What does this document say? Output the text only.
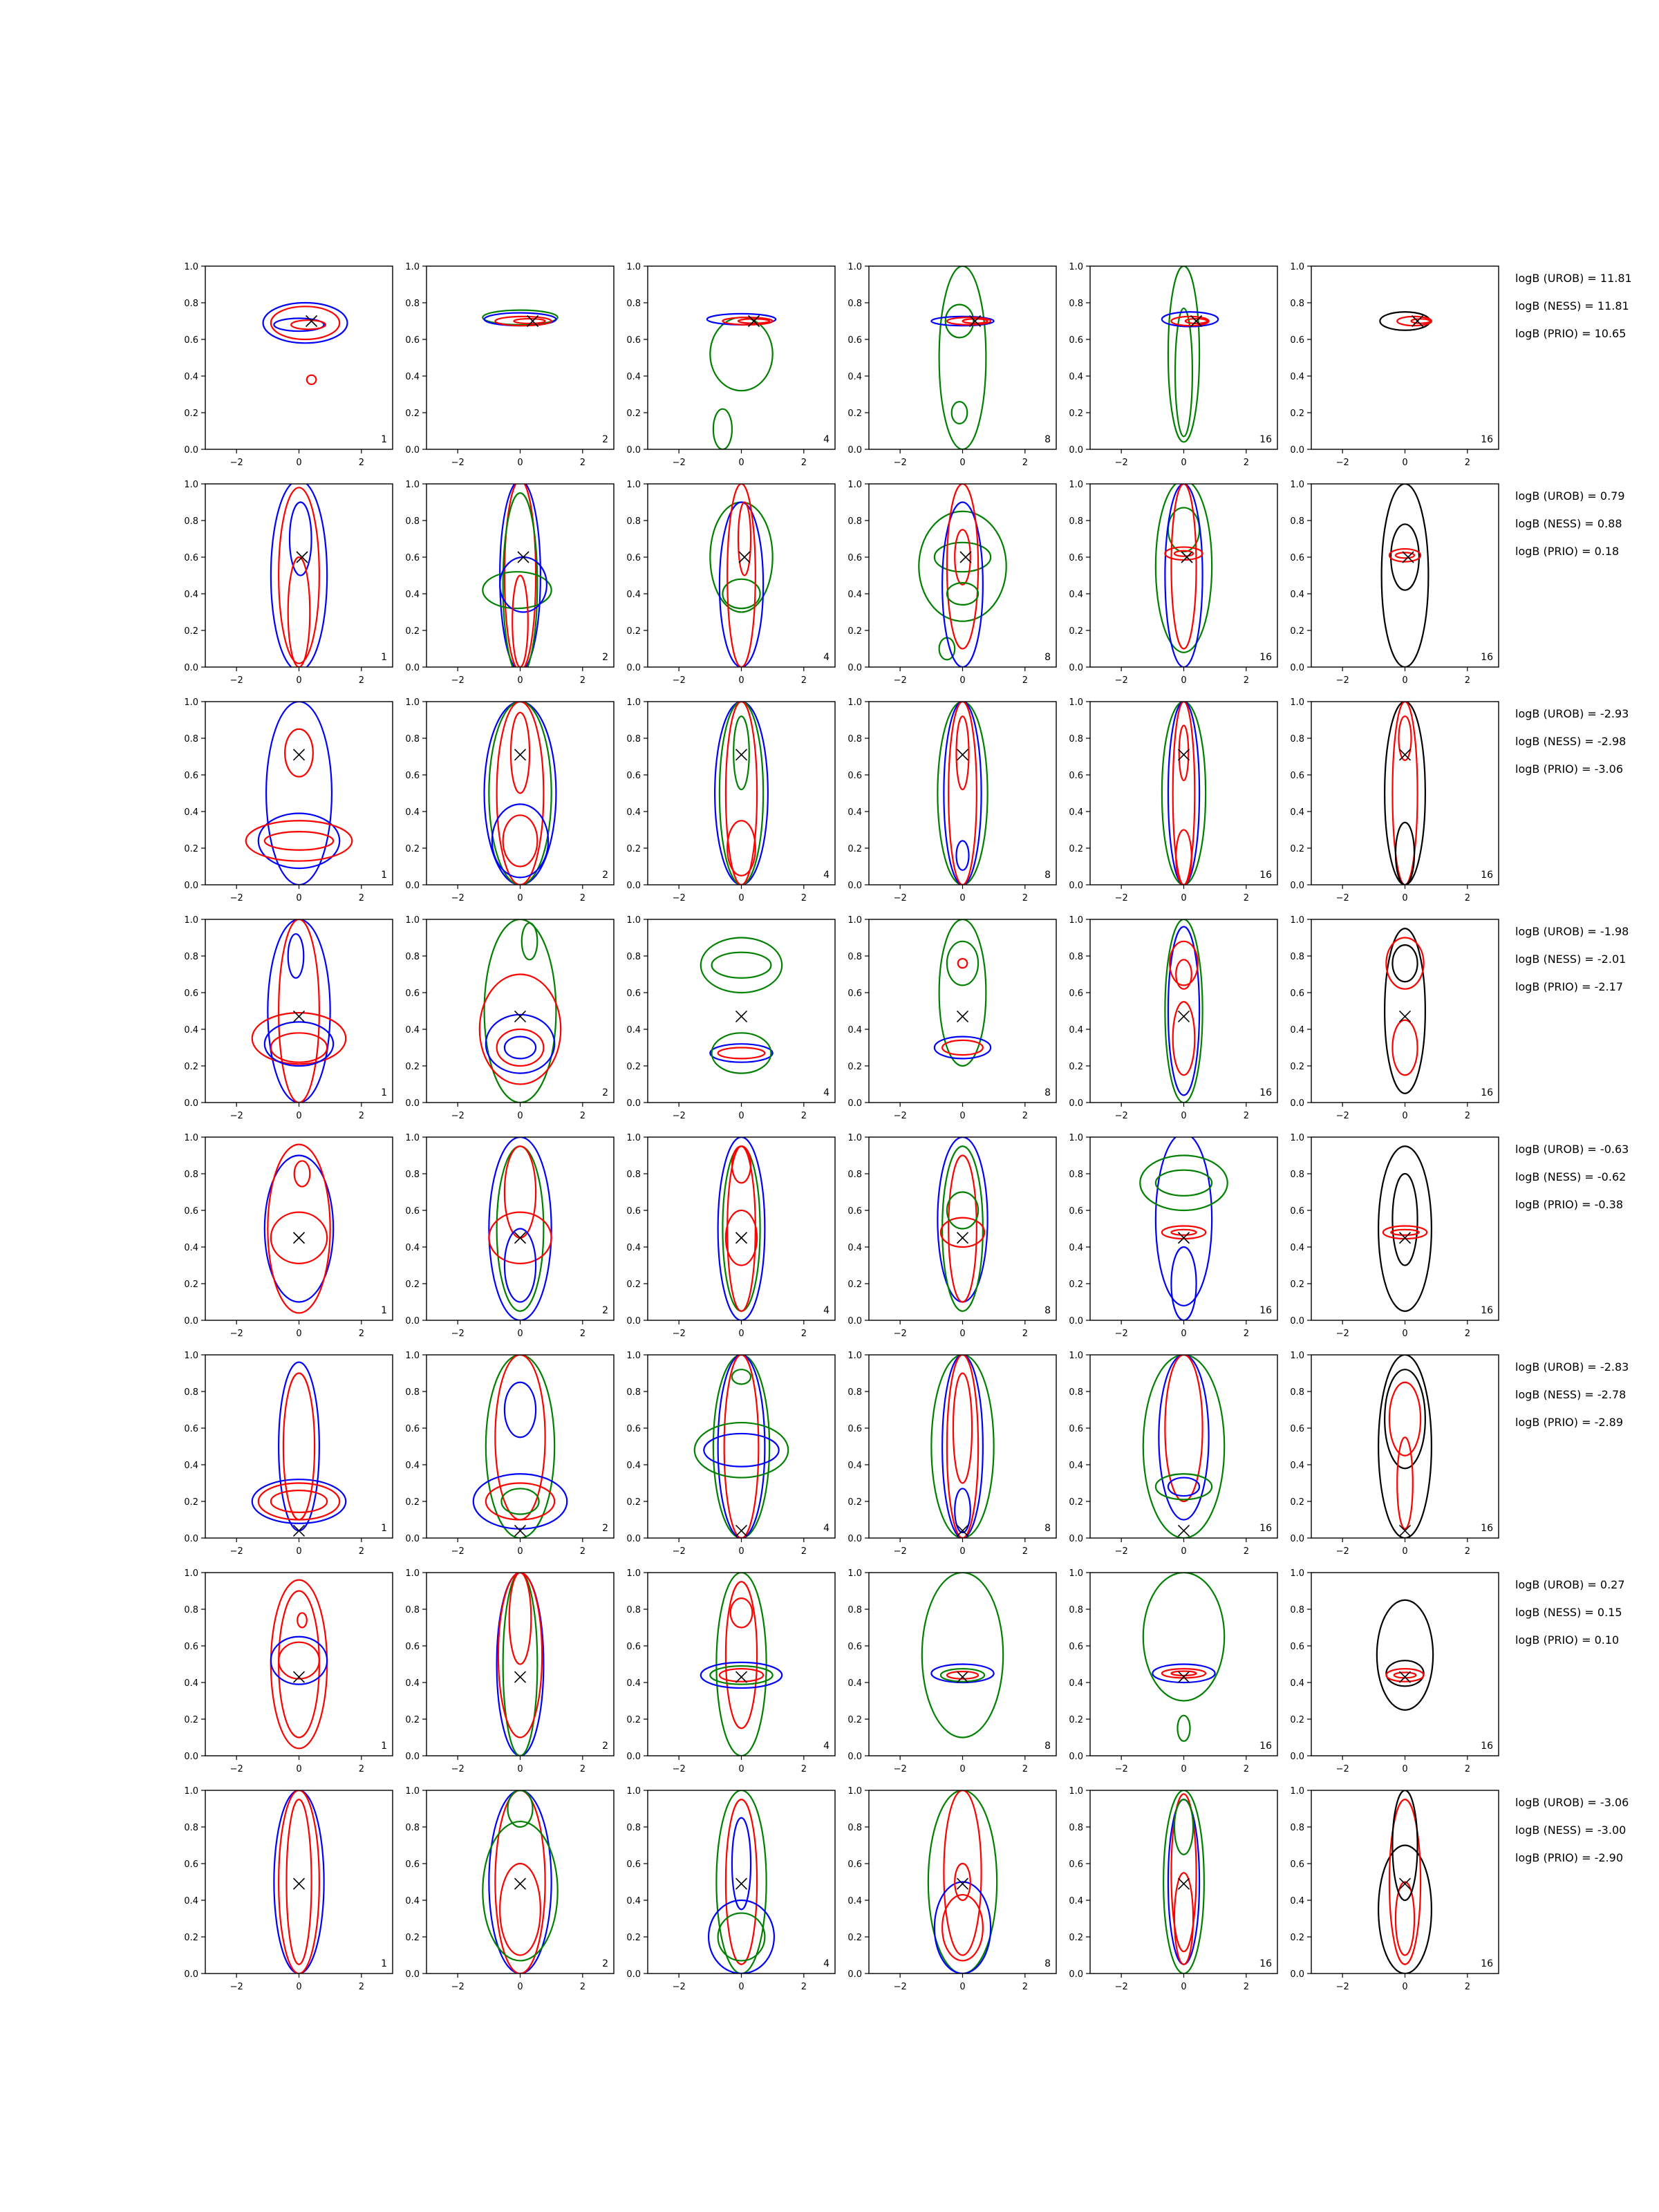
−2	0	2
0.0
0.2
0.4
0.6
0.8
1.0
1
−2	0	2
0.0
0.2
0.4
0.6
0.8
1.0
2
−2	0	2
0.0
0.2
0.4
0.6
0.8
1.0
4
−2	0	2
0.0
0.2
0.4
0.6
0.8
1.0
8
−2	0	2
0.0
0.2
0.4
0.6
0.8
1.0
16
−2	0	2
0.0
0.2
0.4
0.6
0.8
1.0
16
logB (UROB) = 11.81
logB (NESS) = 11.81
logB (PRIO) = 10.65
−2	0	2
0.0
0.2
0.4
0.6
0.8
1.0
1
−2	0	2
0.0
0.2
0.4
0.6
0.8
1.0
2
−2	0	2
0.0
0.2
0.4
0.6
0.8
1.0
4
−2	0	2
0.0
0.2
0.4
0.6
0.8
1.0
8
−2	0	2
0.0
0.2
0.4
0.6
0.8
1.0
16
−2	0	2
0.0
0.2
0.4
0.6
0.8
1.0
16
logB (UROB) = 0.79
logB (NESS) = 0.88
logB (PRIO) = 0.18
−2	0	2
0.0
0.2
0.4
0.6
0.8
1.0
1
−2	0	2
0.0
0.2
0.4
0.6
0.8
1.0
2
−2	0	2
0.0
0.2
0.4
0.6
0.8
1.0
4
−2	0	2
0.0
0.2
0.4
0.6
0.8
1.0
8
−2	0	2
0.0
0.2
0.4
0.6
0.8
1.0
16
−2	0	2
0.0
0.2
0.4
0.6
0.8
1.0
16
logB (UROB) = -2.93
logB (NESS) = -2.98
logB (PRIO) = -3.06
−2	0	2
0.0
0.2
0.4
0.6
0.8
1.0
1
−2	0	2
0.0
0.2
0.4
0.6
0.8
1.0
2
−2	0	2
0.0
0.2
0.4
0.6
0.8
1.0
4
−2	0	2
0.0
0.2
0.4
0.6
0.8
1.0
8
−2	0	2
0.0
0.2
0.4
0.6
0.8
1.0
16
−2	0	2
0.0
0.2
0.4
0.6
0.8
1.0
16
logB (UROB) = -1.98
logB (NESS) = -2.01
logB (PRIO) = -2.17
−2	0	2
0.0
0.2
0.4
0.6
0.8
1.0
1
−2	0	2
0.0
0.2
0.4
0.6
0.8
1.0
2
−2	0	2
0.0
0.2
0.4
0.6
0.8
1.0
4
−2	0	2
0.0
0.2
0.4
0.6
0.8
1.0
8
−2	0	2
0.0
0.2
0.4
0.6
0.8
1.0
16
−2	0	2
0.0
0.2
0.4
0.6
0.8
1.0
16
logB (UROB) = -0.63
logB (NESS) = -0.62
logB (PRIO) = -0.38
−2	0	2
0.0
0.2
0.4
0.6
0.8
1.0
1
−2	0	2
0.0
0.2
0.4
0.6
0.8
1.0
2
−2	0	2
0.0
0.2
0.4
0.6
0.8
1.0
4
−2	0	2
0.0
0.2
0.4
0.6
0.8
1.0
8
−2	0	2
0.0
0.2
0.4
0.6
0.8
1.0
16
−2	0	2
0.0
0.2
0.4
0.6
0.8
1.0
16
logB (UROB) = -2.83
logB (NESS) = -2.78
logB (PRIO) = -2.89
−2	0	2
0.0
0.2
0.4
0.6
0.8
1.0
1
−2	0	2
0.0
0.2
0.4
0.6
0.8
1.0
2
−2	0	2
0.0
0.2
0.4
0.6
0.8
1.0
4
−2	0	2
0.0
0.2
0.4
0.6
0.8
1.0
8
−2	0	2
0.0
0.2
0.4
0.6
0.8
1.0
16
−2	0	2
0.0
0.2
0.4
0.6
0.8
1.0
16
logB (UROB) = 0.27
logB (NESS) = 0.15
logB (PRIO) = 0.10
−2	0	2
0.0
0.2
0.4
0.6
0.8
1.0
1
−2	0	2
0.0
0.2
0.4
0.6
0.8
1.0
2
−2	0	2
0.0
0.2
0.4
0.6
0.8
1.0
4
−2	0	2
0.0
0.2
0.4
0.6
0.8
1.0
8
−2	0	2
0.0
0.2
0.4
0.6
0.8
1.0
16
−2	0	2
0.0
0.2
0.4
0.6
0.8
1.0
16
logB (UROB) = -3.06
logB (NESS) = -3.00
logB (PRIO) = -2.90
